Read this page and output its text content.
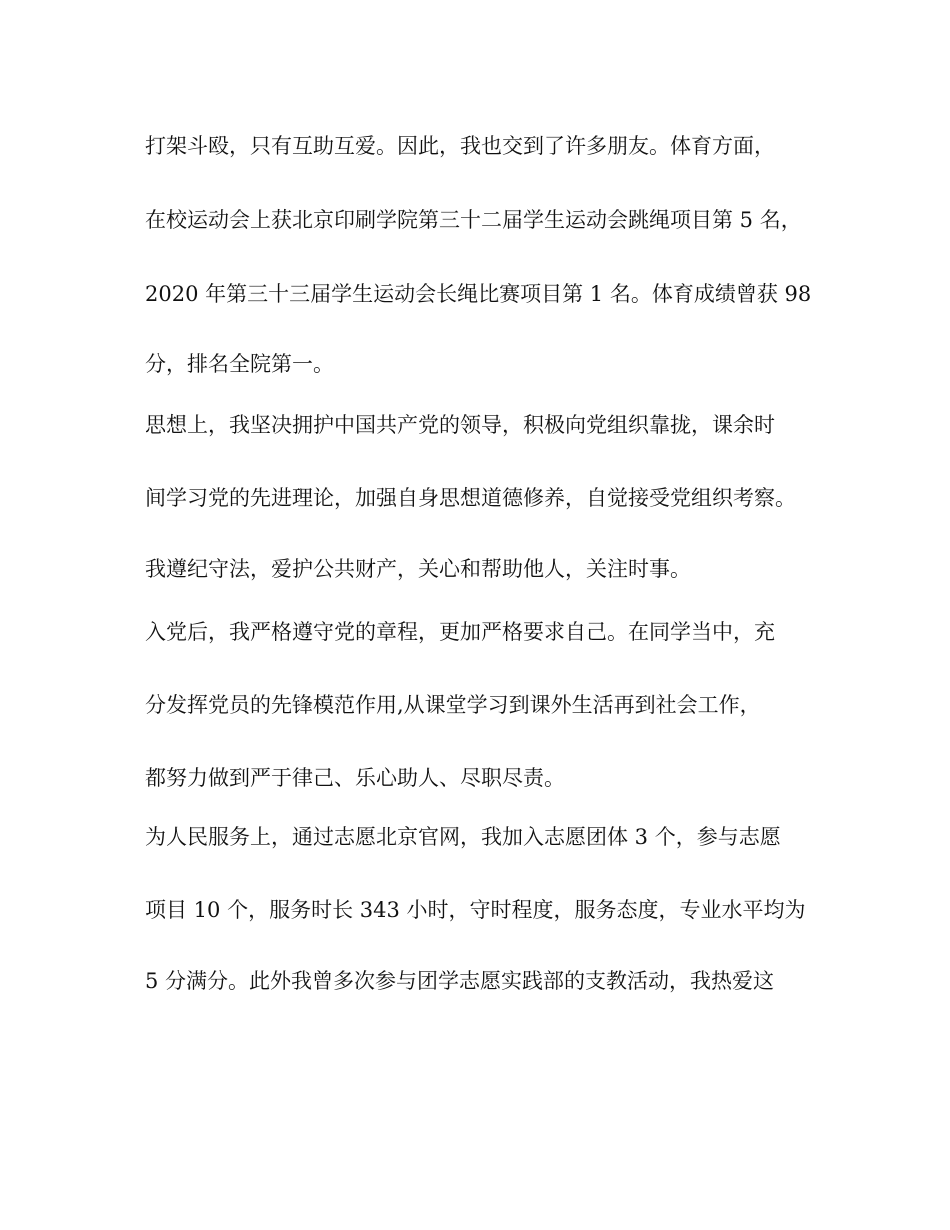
打架斗殴，只有互助互爱。因此，我也交到了许多朋友。体育方面，
在校运动会上获北京印刷学院第三十二届学生运动会跳绳项目第 5 名，
2020 年第三十三届学生运动会长绳比赛项目第 1 名。体育成绩曾获 98
分，排名全院第一。
思想上，我坚决拥护中国共产党的领导，积极向党组织靠拢，课余时
间学习党的先进理论，加强自身思想道德修养，自觉接受党组织考察。
我遵纪守法，爱护公共财产，关心和帮助他人，关注时事。
入党后，我严格遵守党的章程，更加严格要求自己。在同学当中，充
分发挥党员的先锋模范作用,从课堂学习到课外生活再到社会工作，
都努力做到严于律己、乐心助人、尽职尽责。
为人民服务上，通过志愿北京官网，我加入志愿团体 3 个，参与志愿
项目 10 个，服务时长 343 小时，守时程度，服务态度，专业水平均为
5 分满分。此外我曾多次参与团学志愿实践部的支教活动，我热爱这
